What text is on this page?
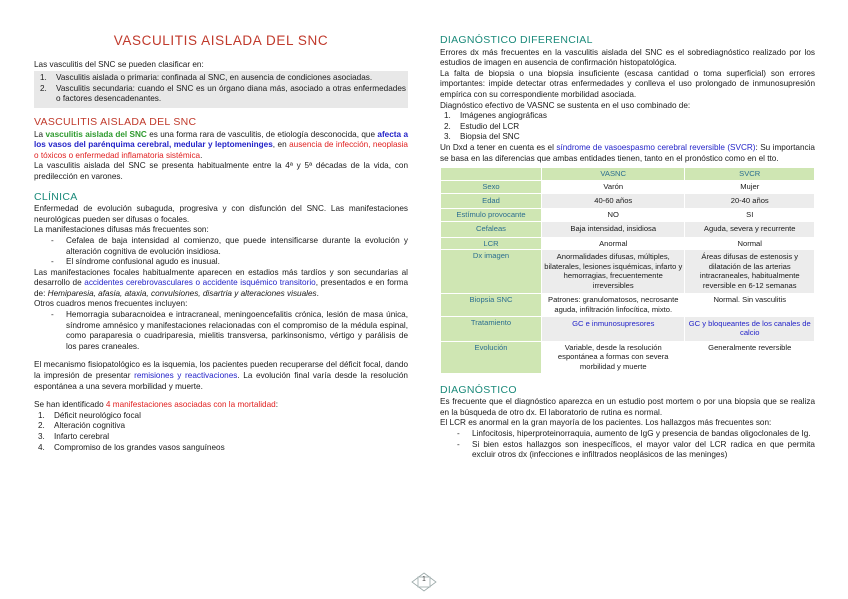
VASCULITIS AISLADA DEL SNC

Las vasculitis del SNC se pueden clasificar en:

1. Vasculitis aislada o primaria: confinada al SNC, en ausencia de condiciones asociadas.
2. Vasculitis secundaria: cuando el SNC es un órgano diana más, asociado a otras enfermedades o factores desencadenantes.
VASCULITIS AISLADA DEL SNC

La vasculitis aislada del SNC es una forma rara de vasculitis, de etiología desconocida, que afecta a los vasos del parénquima cerebral, medular y leptomeninges, en ausencia de infección, neoplasia o tóxicos o enfermedad inflamatoria sistémica.

La vasculitis aislada del SNC se presenta habitualmente entre la 4ª y 5ª décadas de la vida, con predilección en varones.

CLÍNICA

Enfermedad de evolución subaguda, progresiva y con disfunción del SNC. Las manifestaciones neurológicas pueden ser difusas o focales.

La manifestaciones difusas más frecuentes son:

- Cefalea de baja intensidad al comienzo, que puede intensificarse durante la evolución y alteración cognitiva de evolución insidiosa.
- El síndrome confusional agudo es inusual.

Las manifestaciones focales habitualmente aparecen en estadios más tardíos y son secundarias al desarrollo de accidentes cerebrovasculares o accidente isquémico transitorio, presentados e en forma de: Hemiparesia, afasia, ataxia, convulsiones, disartria y alteraciones visuales.

Otros cuadros menos frecuentes incluyen:

- Hemorragia subaracnoidea e intracraneal, meningoencefalitis crónica, lesión de masa única, síndrome amnésico y manifestaciones relacionadas con el compromiso de la médula espinal, como paraparesia o cuadriparesia, mielitis transversa, parkinsonismo, vértigo y parálisis de los pares craneales.

El mecanismo fisiopatológico es la isquemia, los pacientes pueden recuperarse del déficit focal, dando la impresión de presentar remisiones y reactivaciones. La evolución final varía desde la resolución espontánea a una severa morbilidad y muerte.

Se han identificado 4 manifestaciones asociadas con la mortalidad:

1. Déficit neurológico focal
2. Alteración cognitiva
3. Infarto cerebral
4. Compromiso de los grandes vasos sanguíneos
DIAGNÓSTICO DIFERENCIAL

Errores dx más frecuentes en la vasculitis aislada del SNC es el sobrediagnóstico realizado por los estudios de imagen en ausencia de confirmación histopatológica.

La falta de biopsia o una biopsia insuficiente (escasa cantidad o toma superficial) son errores importantes: impide detectar otras enfermedades y conlleva el uso prolongado de inmunosupresión empírica con su correspondiente morbilidad asociada.

Diagnóstico efectivo de VASNC se sustenta en el uso combinado de:

1. Imágenes angiográficas
2. Estudio del LCR
3. Biopsia del SNC

Un Dxd a tener en cuenta es el síndrome de vasoespasmo cerebral reversible (SVCR): Su importancia se basa en las diferencias que ambas entidades tienen, tanto en el pronóstico como en el tto.

	VASNC	SVCR
Sexo	Varón	Mujer
Edad	40-60 años	20-40 años
Estímulo provocante	NO	SI
Cefaleas	Baja intensidad, insidiosa	Aguda, severa y recurrente
LCR	Anormal	Normal
Dx imagen	Anormalidades difusas, múltiples, bilaterales, lesiones isquémicas, infarto y hemorragias, frecuentemente irreversibles	Áreas difusas de estenosis y dilatación de las arterias intracraneales, habitualmente reversible en 6-12 semanas
Biopsia SNC	Patrones: granulomatosos, necrosante aguda, infiltración linfocítica, mixto.	Normal. Sin vasculitis
Tratamiento	GC e inmunosupresores	GC y bloqueantes de los canales de calcio
Evolución	Variable, desde la resolución espontánea a formas con severa morbilidad y muerte	Generalmente reversible
DIAGNÓSTICO

Es frecuente que el diagnóstico aparezca en un estudio post mortem o por una biopsia que se realiza en la búsqueda de otro dx. El laboratorio de rutina es normal.

El LCR es anormal en la gran mayoría de los pacientes. Los hallazgos más frecuentes son:

- Linfocitosis, hiperproteinorraquia, aumento de IgG y presencia de bandas oligoclonales de Ig.
- Si bien estos hallazgos son inespecíficos, el mayor valor del LCR radica en que permita excluir otros dx (infecciones e infiltrados neoplásicos de las meninges)
1
